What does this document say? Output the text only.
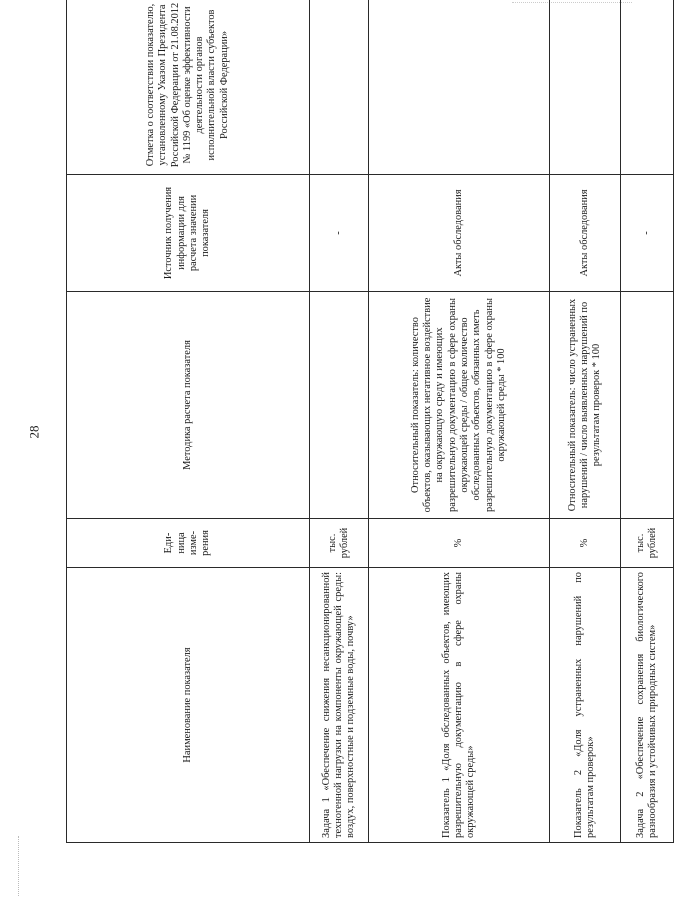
28
Наименование показателя	Еди-ница изме-рения	Методика расчета показателя	Источник получения информации для расчета значении показателя	Отметка о соответствии показателю, установленному Указом Президента Российской Федерации от 21.08.2012 № 1199 «Об оценке эффективности деятельности органов исполнительной власти субъектов Российской Федерации»
Задача 1 «Обеспечение снижения несанкционированной техногенной нагрузки на компоненты окружающей среды: воздух, поверхностные и подземные воды, почву»	тыс. рублей		-	
Показатель 1 «Доля обследованных объектов, имеющих разрешительную документацию в сфере охраны окружающей среды»	%	Относительный показатель: количество объектов, оказывающих негативное воздействие на окружающую среду и имеющих разрешительную документацию в сфере охраны окружающей среды / общее количество обследованных объектов, обязанных иметь разрешительную документацию в сфере охраны окружающей среды * 100	Акты обследования	
Показатель 2 «Доля устраненных нарушений по результатам проверок»	%	Относительный показатель: число устраненных нарушений / число выявленных нарушений по результатам проверок * 100	Акты обследования	
Задача 2 «Обеспечение сохранения биологического разнообразия и устойчивых природных систем»	тыс. рублей		-	
